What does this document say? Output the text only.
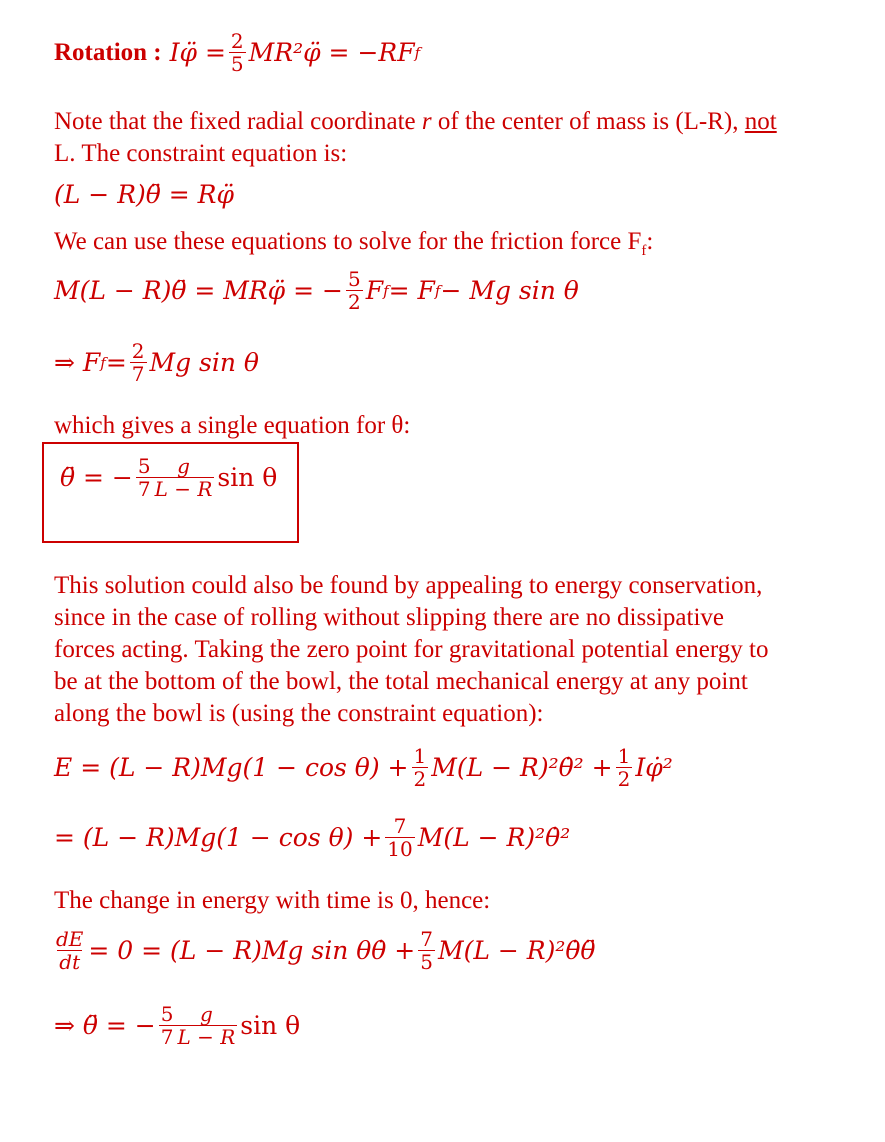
Rotation : Iφ̈ = $\frac{2}{5}$ MR²φ̈ = −RF f
Note that the fixed radial coordinate r of the center of mass is (L-R), not
L. The constraint equation is:
(L − R)θ̈ = Rφ̈
We can use these equations to solve for the friction force $F_f$:
M(L − R)θ̈ = MRφ̈ = − $\frac{5}{2}$ F f = F f − Mg sin θ
⇒ F $f = \frac{2}{7}$ Mg sin θ
which gives a single equation for θ:
θ̈ = − $\frac{5}{7} \frac{g}{L - R}$ sin θ
This solution could also be found by appealing to energy conservation,
since in the case of rolling without slipping there are no dissipative
forces acting. Taking the zero point for gravitational potential energy to
be at the bottom of the bowl, the total mechanical energy at any point
along the bowl is (using the constraint equation):
$E = (L - R)Mg(1 - \cos \theta) + \frac{1}{2} M(L$ − R)²θ̇² + $\frac{1}{2}$ Iφ̇²
= $(L - R)Mg(1 - \cos \theta) + \frac{7}{10} M(L$ − R)²θ̇²
The change in energy with time is 0, hence:
$\frac{dE}{dt} = 0 = (L - R)Mg$ sin θθ̇ + $\frac{7}{5} M(L$ − R)²θ̇θ̈
⇒ θ̈ = − $\frac{5}{7} \frac{g}{L - R}$ sin θ
